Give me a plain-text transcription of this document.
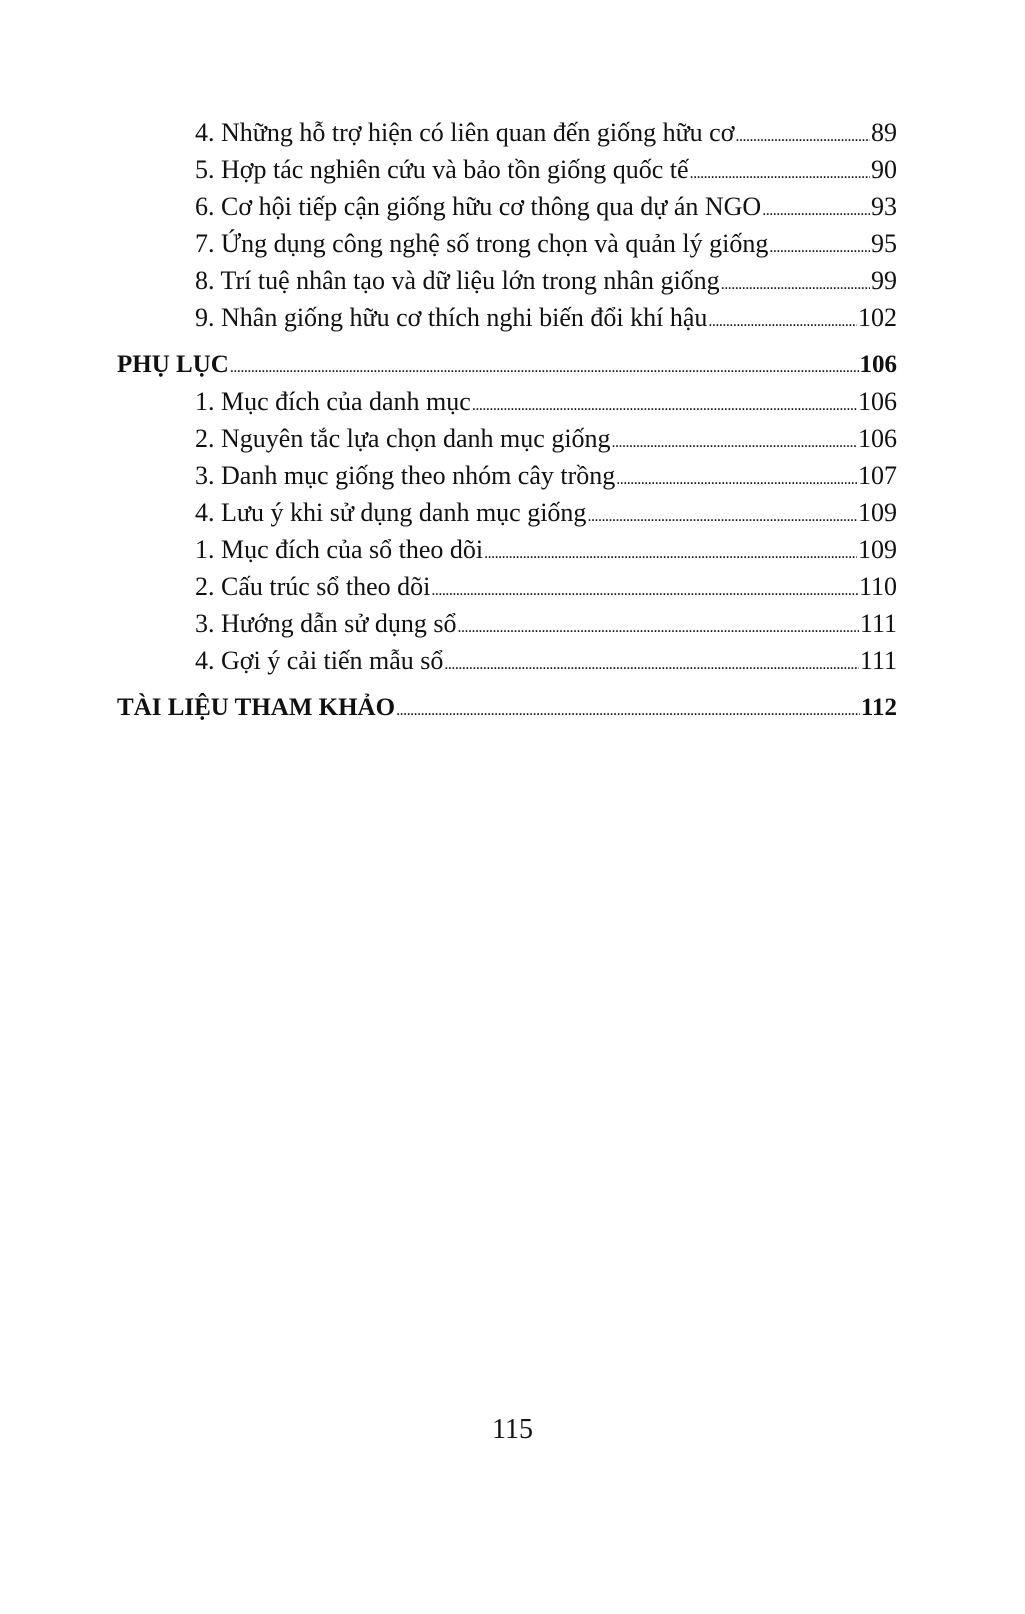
4. Những hỗ trợ hiện có liên quan đến giống hữu cơ .....	89
5. Hợp tác nghiên cứu và bảo tồn giống quốc tế .....	90
6. Cơ hội tiếp cận giống hữu cơ thông qua dự án NGO .....	93
7. Ứng dụng công nghệ số trong chọn và quản lý giống .....	95
8. Trí tuệ nhân tạo và dữ liệu lớn trong nhân giống .....	99
9. Nhân giống hữu cơ thích nghi biến đổi khí hậu .....	102
PHỤ LỤC .....	106
1. Mục đích của danh mục .....	106
2. Nguyên tắc lựa chọn danh mục giống .....	106
3. Danh mục giống theo nhóm cây trồng .....	107
4. Lưu ý khi sử dụng danh mục giống .....	109
1. Mục đích của sổ theo dõi .....	109
2. Cấu trúc sổ theo dõi .....	110
3. Hướng dẫn sử dụng sổ .....	111
4. Gợi ý cải tiến mẫu sổ .....	111
TÀI LIỆU THAM KHẢO .....	112
115
